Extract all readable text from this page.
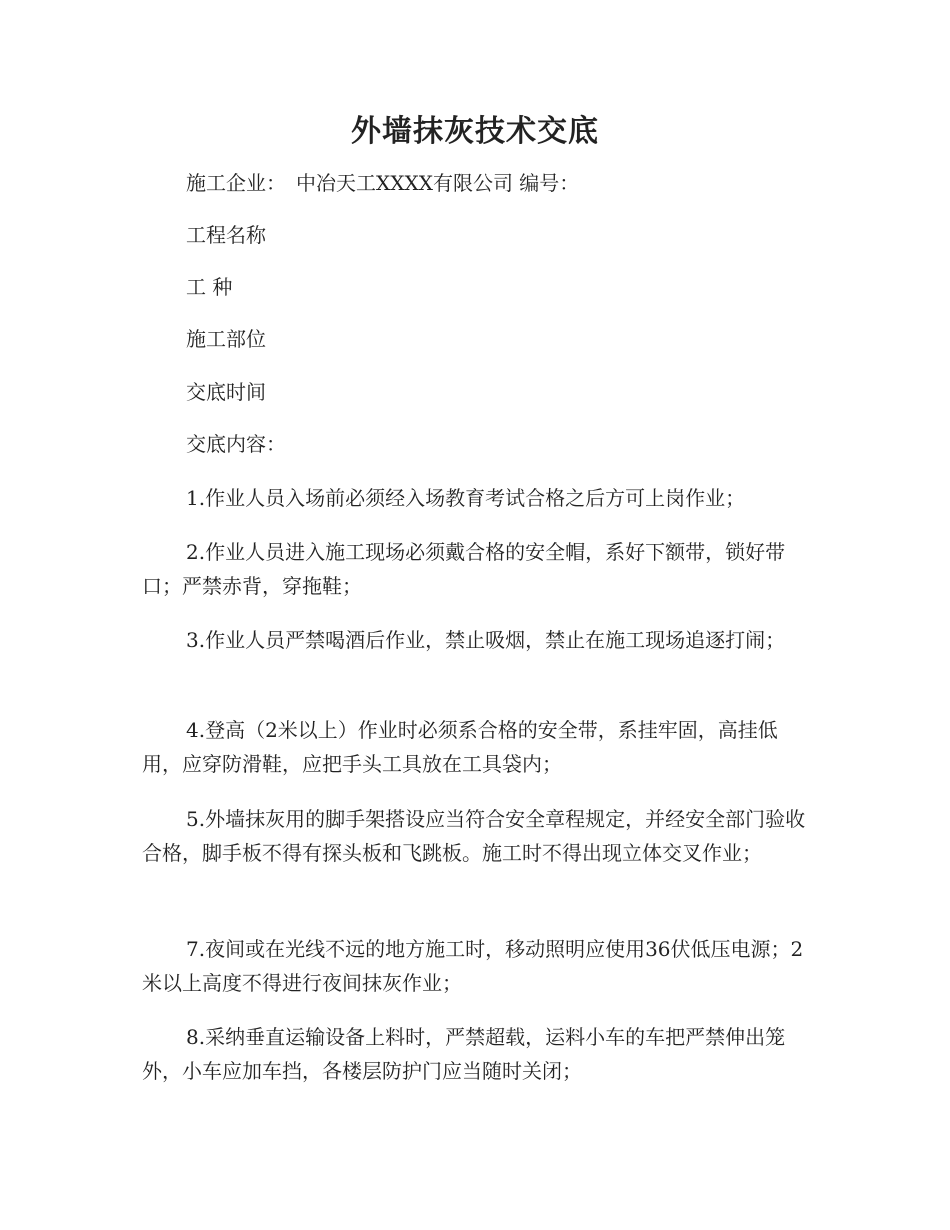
外墙抹灰技术交底

施工企业：　中冶天工XXXX有限公司 编号：

工程名称

工 种

施工部位

交底时间

交底内容：

1.作业人员入场前必须经入场教育考试合格之后方可上岗作业；

2.作业人员进入施工现场必须戴合格的安全帽，系好下额带，锁好带口；严禁赤背，穿拖鞋；

3.作业人员严禁喝酒后作业，禁止吸烟，禁止在施工现场追逐打闹；

4.登高（2米以上）作业时必须系合格的安全带，系挂牢固，高挂低用，应穿防滑鞋，应把手头工具放在工具袋内；

5.外墙抹灰用的脚手架搭设应当符合安全章程规定，并经安全部门验收合格，脚手板不得有探头板和飞跳板。施工时不得出现立体交叉作业；

7.夜间或在光线不远的地方施工时，移动照明应使用36伏低压电源；2米以上高度不得进行夜间抹灰作业；

8.采纳垂直运输设备上料时，严禁超载，运料小车的车把严禁伸出笼外，小车应加车挡，各楼层防护门应当随时关闭；
